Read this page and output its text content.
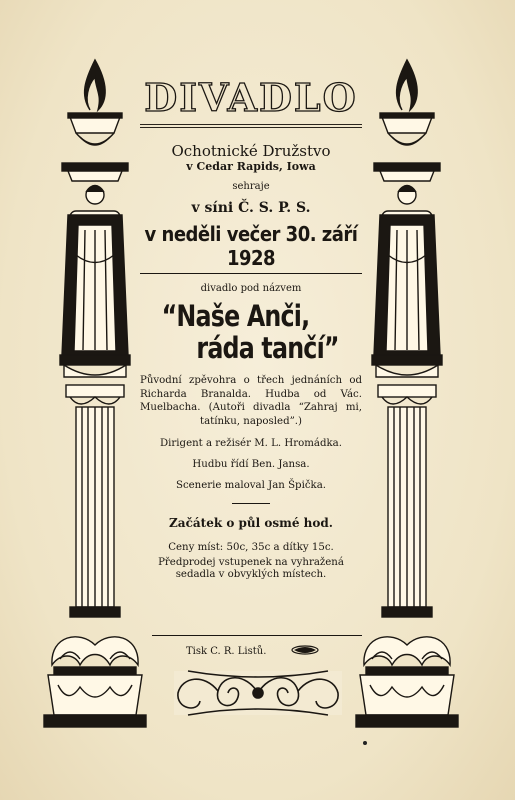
DIVADLO
Ochotnické Družstvo
v Cedar Rapids, Iowa
sehraje
v síni Č. S. P. S.
v neděli večer 30. září 1928
divadlo pod názvem
“Naše Anči,
ráda tančí”
Původní zpěvohra o třech jednáních od Richarda Branalda. Hudba od Vác. Muelbacha. (Autoři divadla “Zahraj mi, tatínku, naposled”.)
Dirigent a režisér M. L. Hromádka.
Hudbu řídí Ben. Jansa.
Scenerie maloval Jan Špička.
Začátek o půl osmé hod.
Ceny míst: 50c, 35c a dítky 15c.
Předprodej vstupenek na vyhražená sedadla v obvyklých místech.
Tisk C. R. Listů.
